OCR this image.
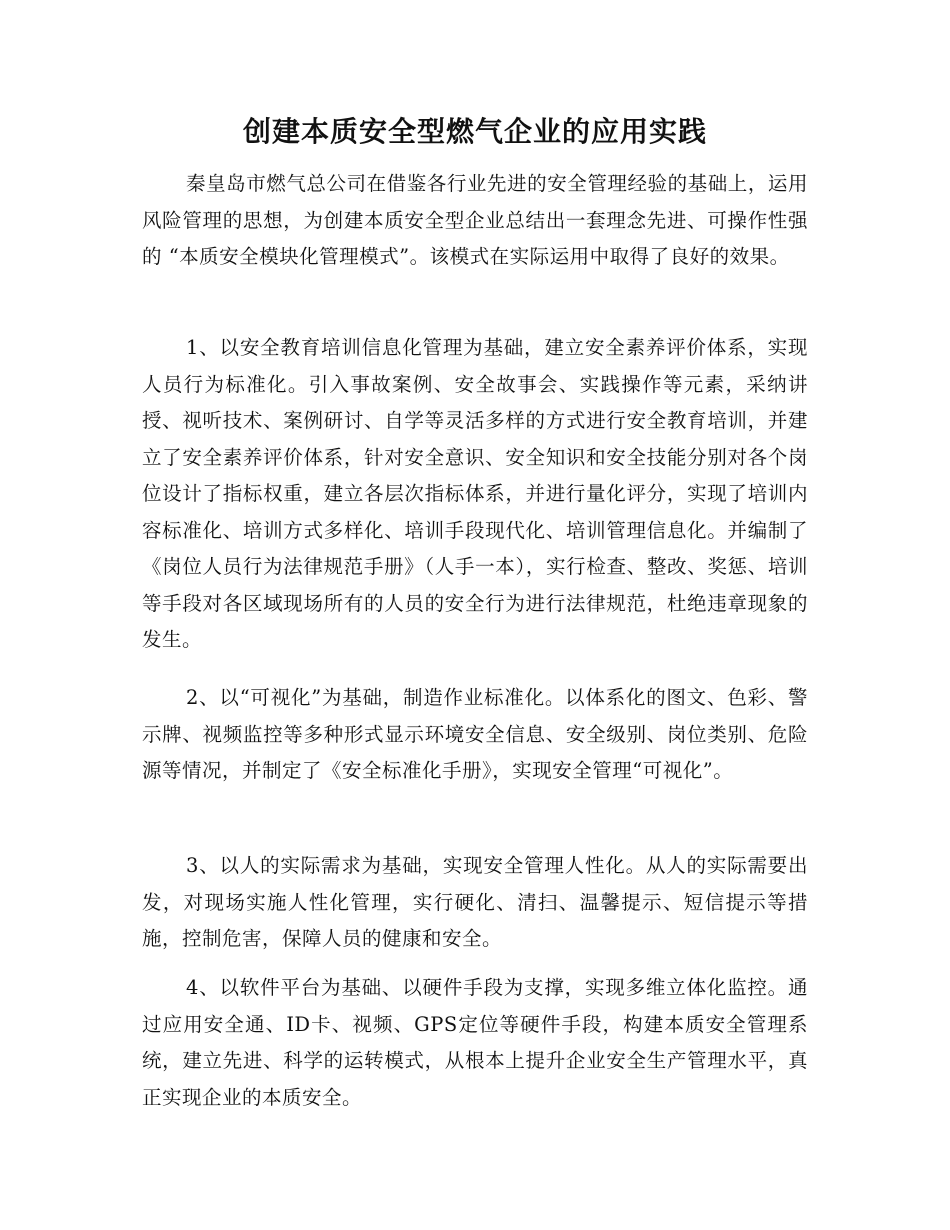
创建本质安全型燃气企业的应用实践

秦皇岛市燃气总公司在借鉴各行业先进的安全管理经验的基础上，运用风险管理的思想，为创建本质安全型企业总结出一套理念先进、可操作性强的 “本质安全模块化管理模式”。该模式在实际运用中取得了良好的效果。

1、以安全教育培训信息化管理为基础，建立安全素养评价体系，实现人员行为标准化。引入事故案例、安全故事会、实践操作等元素，采纳讲授、视听技术、案例研讨、自学等灵活多样的方式进行安全教育培训，并建立了安全素养评价体系，针对安全意识、安全知识和安全技能分别对各个岗位设计了指标权重，建立各层次指标体系，并进行量化评分，实现了培训内容标准化、培训方式多样化、培训手段现代化、培训管理信息化。并编制了《岗位人员行为法律规范手册》（人手一本），实行检查、整改、奖惩、培训等手段对各区域现场所有的人员的安全行为进行法律规范，杜绝违章现象的发生。

2、以“可视化”为基础，制造作业标准化。以体系化的图文、色彩、警示牌、视频监控等多种形式显示环境安全信息、安全级别、岗位类别、危险源等情况，并制定了《安全标准化手册》，实现安全管理“可视化”。

3、以人的实际需求为基础，实现安全管理人性化。从人的实际需要出发，对现场实施人性化管理，实行硬化、清扫、温馨提示、短信提示等措施，控制危害，保障人员的健康和安全。

4、以软件平台为基础、以硬件手段为支撑，实现多维立体化监控。通过应用安全通、ID卡、视频、GPS定位等硬件手段，构建本质安全管理系统，建立先进、科学的运转模式，从根本上提升企业安全生产管理水平，真正实现企业的本质安全。
